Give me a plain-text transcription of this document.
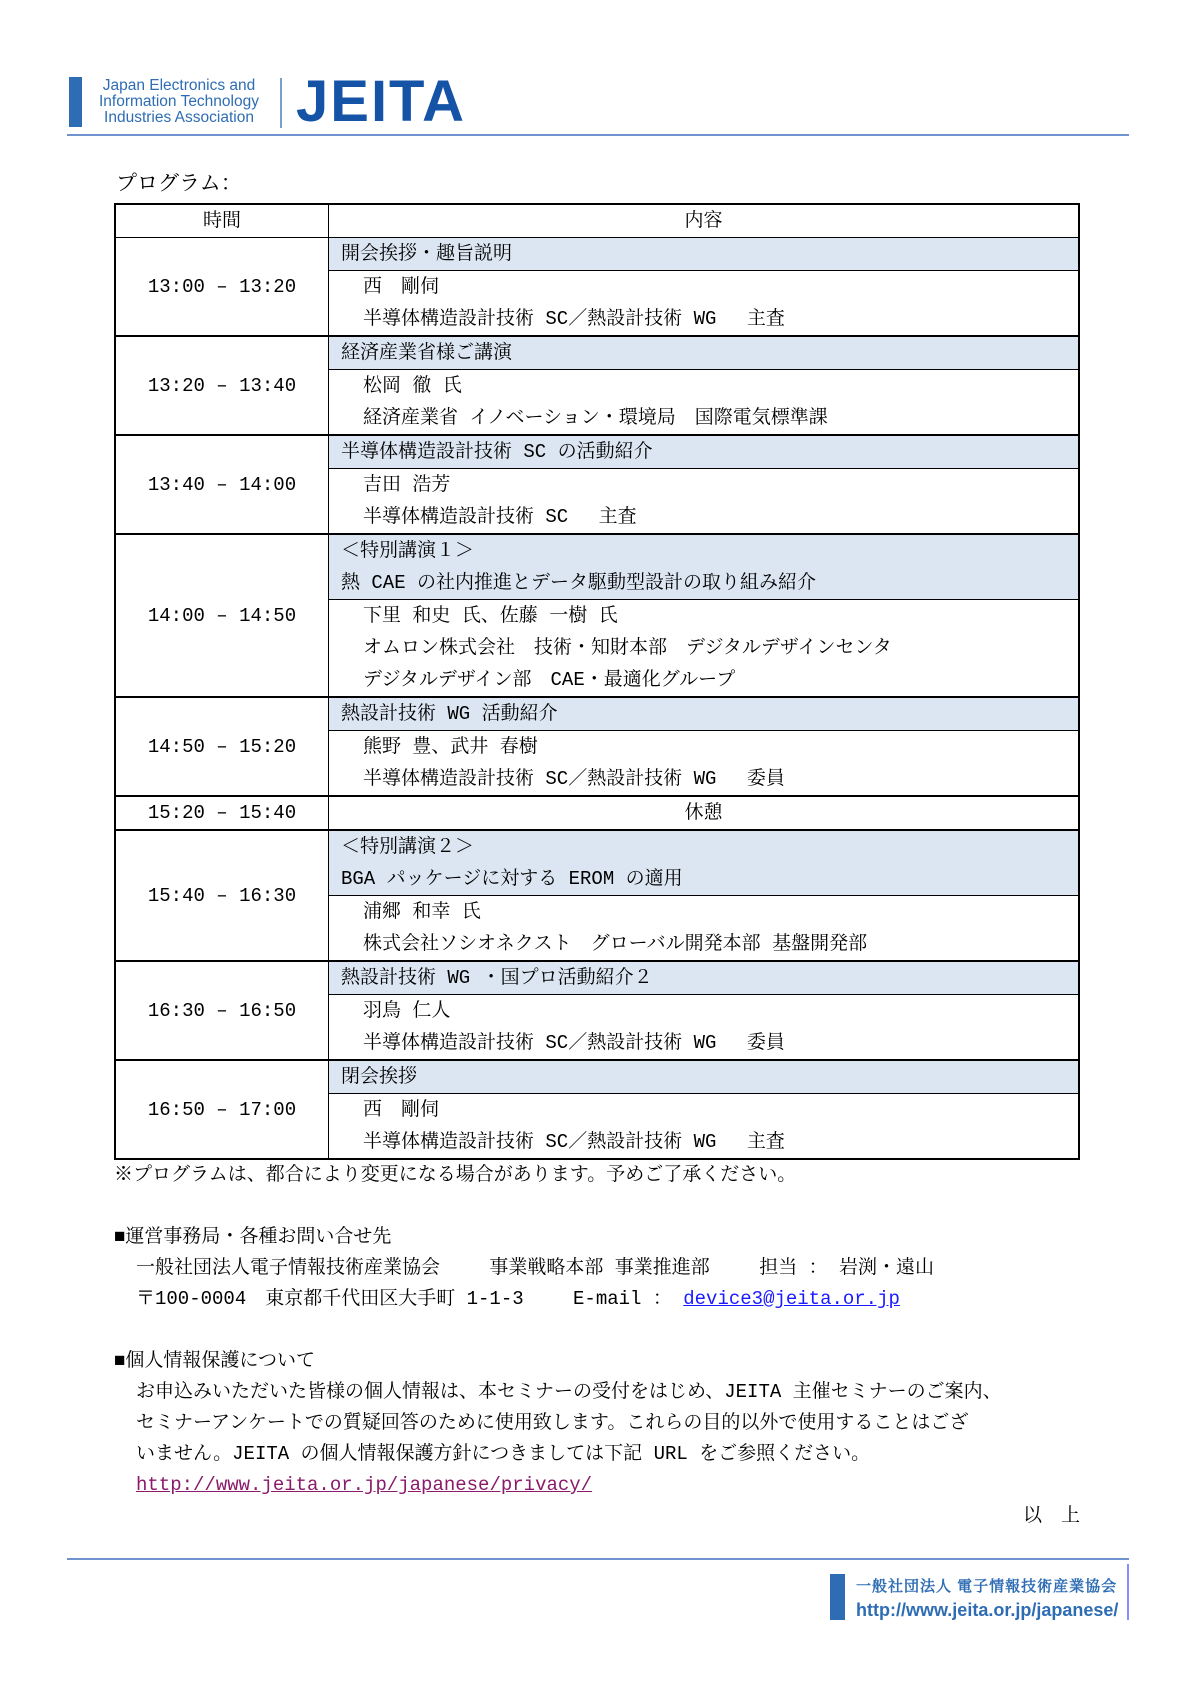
Japan Electronics and
Information Technology
Industries Association JEITA
プログラム：
時間	内容
13:00 – 13:20	開会挨拶・趣旨説明

	西　剛伺
半導体構造設計技術 SC／熱設計技術 WG　 主査

13:20 – 13:40	経済産業省様ご講演

	松岡 徹 氏
経済産業省 イノベーション・環境局　国際電気標準課

13:40 – 14:00	半導体構造設計技術 SC の活動紹介

	吉田 浩芳
半導体構造設計技術 SC　 主査

14:00 – 14:50	＜特別講演１＞
熱 CAE の社内推進とデータ駆動型設計の取り組み紹介

	下里 和史 氏、佐藤 一樹 氏
オムロン株式会社　技術・知財本部　デジタルデザインセンタ
デジタルデザイン部　CAE・最適化グループ

14:50 – 15:20	熱設計技術 WG 活動紹介

	熊野 豊、武井 春樹
半導体構造設計技術 SC／熱設計技術 WG　 委員

15:20 – 15:40	休憩
15:40 – 16:30	＜特別講演２＞
BGA パッケージに対する EROM の適用

	浦郷 和幸 氏
株式会社ソシオネクスト　グローバル開発本部 基盤開発部

16:30 – 16:50	熱設計技術 WG ・国プロ活動紹介２

	羽鳥 仁人
半導体構造設計技術 SC／熱設計技術 WG　 委員

16:50 – 17:00	閉会挨拶

	西　剛伺
半導体構造設計技術 SC／熱設計技術 WG　 主査
※プログラムは、都合により変更になる場合があります。予めご了承ください。
■運営事務局・各種お問い合せ先
一般社団法人電子情報技術産業協会　　 事業戦略本部 事業推進部　　 担当 ： 岩渕・遠山
〒100-0004　東京都千代田区大手町 1-1-3　　 E-mail ： device3@jeita.or.jp
■個人情報保護について
お申込みいただいた皆様の個人情報は、本セミナーの受付をはじめ、JEITA 主催セミナーのご案内、
セミナーアンケートでの質疑回答のために使用致します。これらの目的以外で使用することはござ
いません。JEITA の個人情報保護方針につきましては下記 URL をご参照ください。
http://www.jeita.or.jp/japanese/privacy/
以　上
一般社団法人 電子情報技術産業協会
http://www.jeita.or.jp/japanese/
